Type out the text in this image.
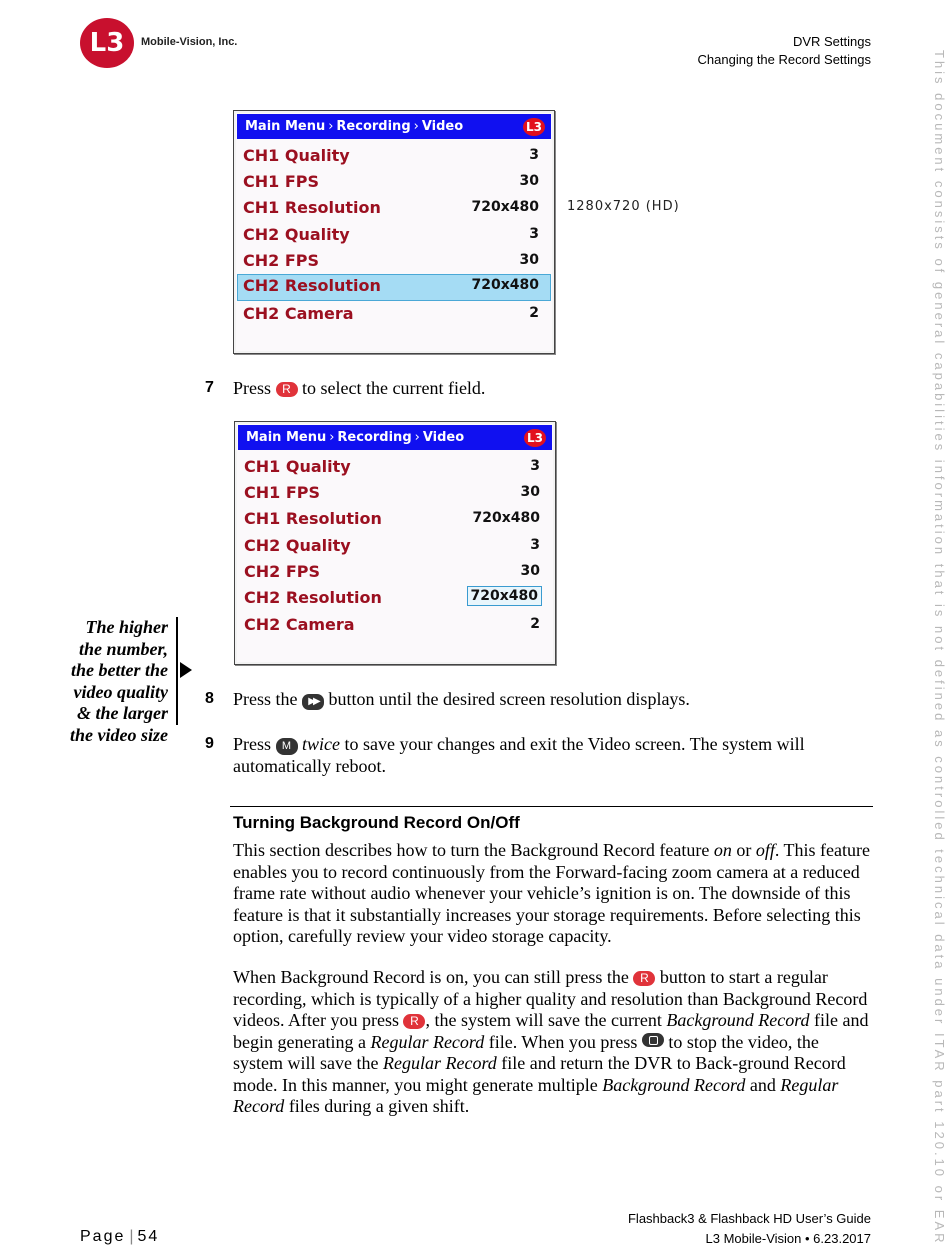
L3	Mobile-Vision, Inc.	DVR Settings
Changing the Record Settings	This document consists of general capabilities information that is not defined as controlled technical data under ITAR part 120.10 or EAR
Main Menu › Recording › Video	L3
CH1 Quality	3
CH1 FPS	30
CH1 Resolution	720x480
CH2 Quality	3
CH2 FPS	30
CH2 Resolution	720x480
CH2 Camera	2
1280x720 (HD)
7 Press R to select the current field.
Main Menu › Recording › Video	L3
CH1 Quality	3
CH1 FPS	30
CH1 Resolution	720x480
CH2 Quality	3
CH2 FPS	30
CH2 Resolution	720x480
CH2 Camera	2
The higher
the number,
the better the
video quality
& the larger
the video size
8 Press the ▶▶ button until the desired screen resolution displays.
9 Press M twice to save your changes and exit the Video screen. The system will
automatically reboot.
Turning Background Record On/Off
This section describes how to turn the Background Record feature on or off. This feature enables you to record continuously from the Forward-facing zoom camera at a reduced frame rate without audio whenever your vehicle’s ignition is on. The downside of this feature is that it substantially increases your storage requirements. Before selecting this option, carefully review your video storage capacity.
When Background Record is on, you can still press the R button to start a regular recording, which is typically of a higher quality and resolution than Background Record videos. After you press R , the system will save the current Background Record file and begin generating a Regular Record file. When you press  to stop the video, the system will save the Regular Record file and return the DVR to Back-ground Record mode. In this manner, you might generate multiple Background Record and Regular Record files during a given shift.
Flashback3 & Flashback HD User’s Guide
L3 Mobile-Vision • 6.23.2017
Page | 54
